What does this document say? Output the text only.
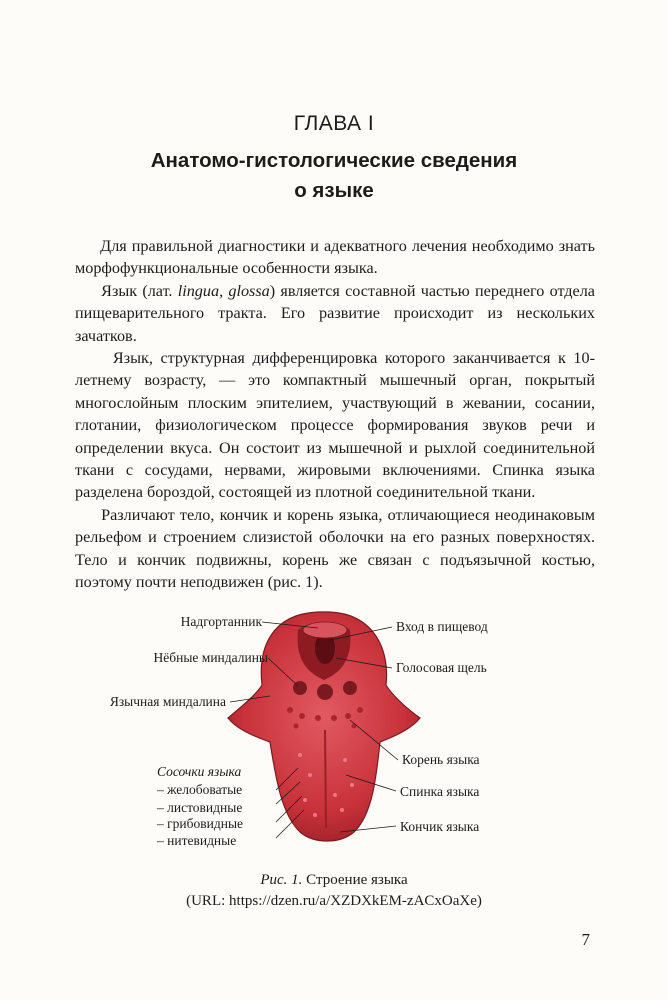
ГЛАВА I
Анатомо-гистологические сведения
о языке

Для правильной диагностики и адекватного лечения необходимо знать морфофункциональные особенности языка.

Язык (лат. lingua, glossa) является составной частью переднего отдела пищеварительного тракта. Его развитие происходит из нескольких зачатков.

Язык, структурная дифференцировка которого заканчивается к 10-летнему возрасту, — это компактный мышечный орган, покрытый многослойным плоским эпителием, участвующий в жевании, сосании, глотании, физиологическом процессе формирования звуков речи и определении вкуса. Он состоит из мышечной и рыхлой соединительной ткани с сосудами, нервами, жировыми включениями. Спинка языка разделена бороздой, состоящей из плотной соединительной ткани.

Различают тело, кончик и корень языка, отличающиеся неодинаковым рельефом и строением слизистой оболочки на его разных поверхностях. Тело и кончик подвижны, корень же связан с подъязычной костью, поэтому почти неподвижен (рис. 1).

Надгортанник
Нёбные миндалины
Язычная миндалина
Сосочки языка
– желобоватые
– листовидные
– грибовидные
– нитевидные
Вход в пищевод
Голосовая щель
Корень языка
Спинка языка
Кончик языка
Рис. 1. Строение языка
(URL: https://dzen.ru/a/XZDXkEM-zACxOaXe)
7
